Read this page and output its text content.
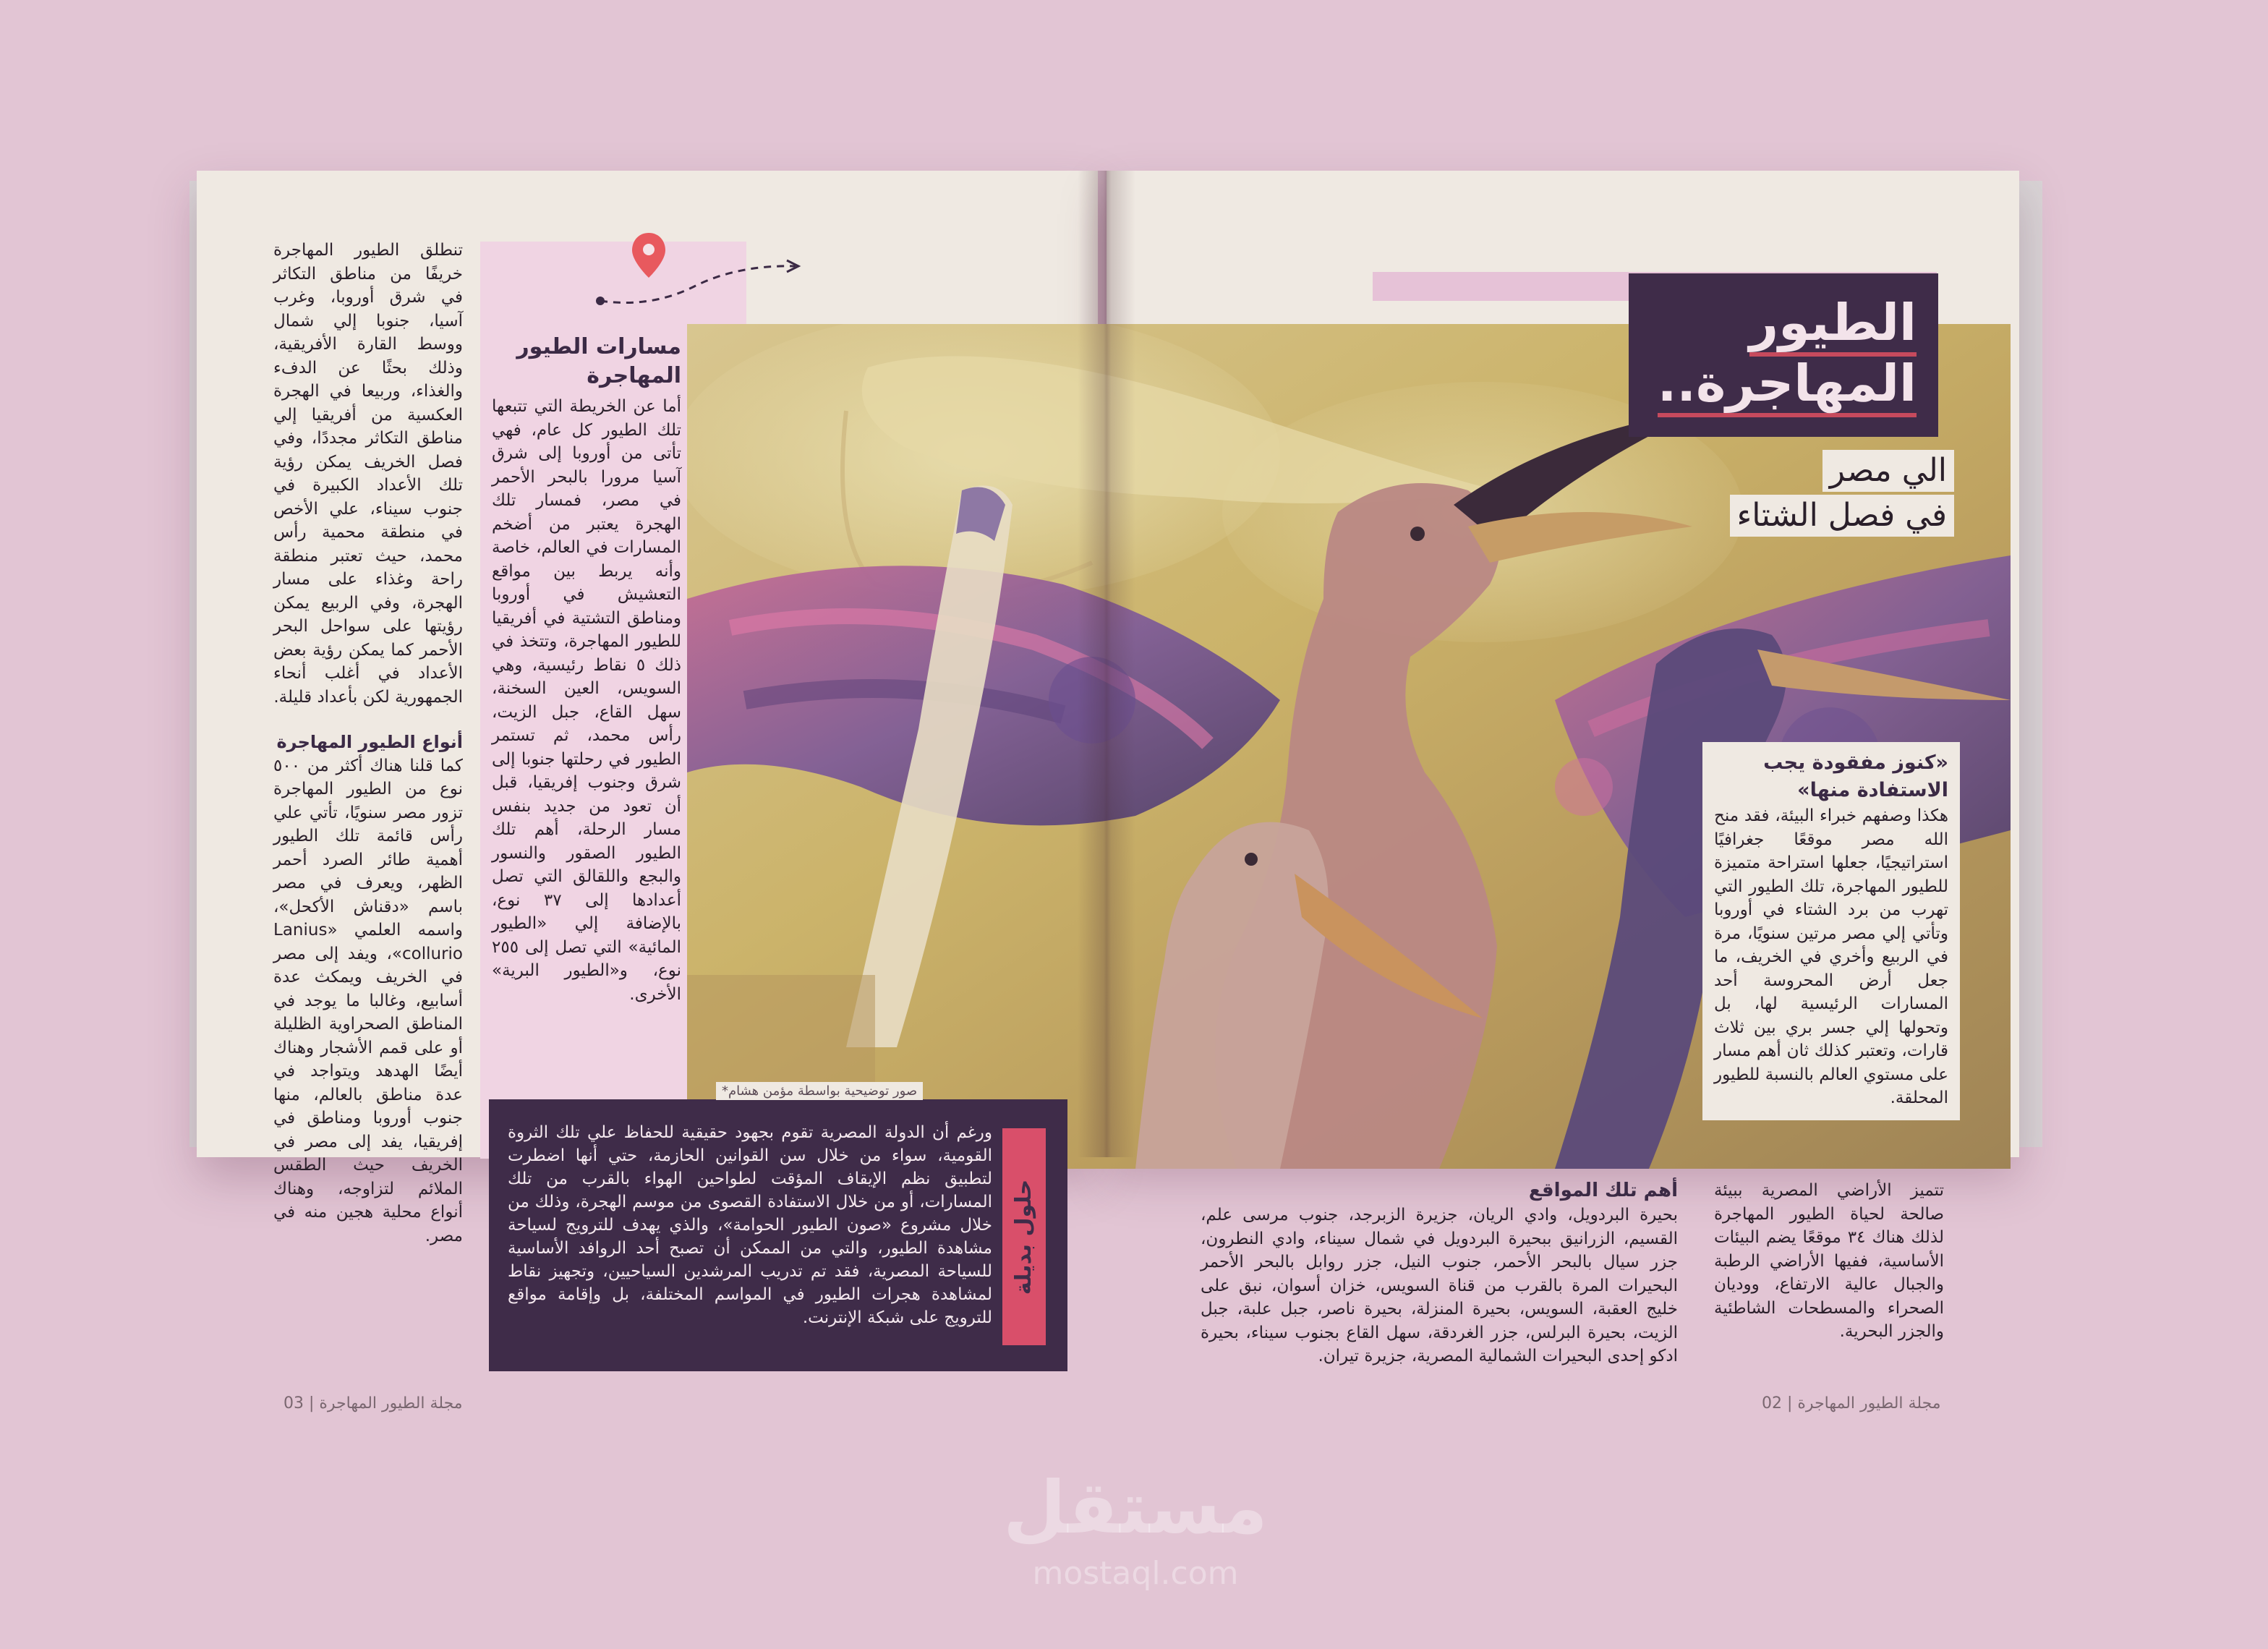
تنطلق الطيور المهاجرة خريفًا من مناطق التكاثر في شرق أوروبا، وغرب آسيا، جنوبا إلي شمال ووسط القارة الأفريقية، وذلك بحثًا عن الدفء والغذاء، وربيعا في الهجرة العكسية من أفريقيا إلي مناطق التكاثر مجددًا، وفي فصل الخريف يمكن رؤية تلك الأعداد الكبيرة في جنوب سيناء، علي الأخص في منطقة محمية رأس محمد، حيث تعتبر منطقة راحة وغذاء على مسار الهجرة، وفي الربيع يمكن رؤيتها على سواحل البحر الأحمر كما يمكن رؤية بعض الأعداد في أغلب أنحاء الجمهورية لكن بأعداد قليلة.
أنواع الطيور المهاجرة
كما قلنا هناك أكثر من ٥٠٠ نوع من الطيور المهاجرة تزور مصر سنويًا، تأتي علي رأس قائمة تلك الطيور أهمية طائر الصرد أحمر الظهر، ويعرف في مصر باسم «دقناش الأكحل»، واسمه العلمي «Lanius collurio»، ويفد إلى مصر في الخريف ويمكث عدة أسابيع، وغالبا ما يوجد في المناطق الصحراوية الظليلة أو على قمم الأشجار وهناك أيضًا الهدهد ويتواجد في عدة مناطق بالعالم، منها جنوب أوروبا ومناطق في إفريقيا، يفد إلى مصر في الخريف حيث الطقس الملائم لتزاوجه، وهناك أنواع محلية هجين منه في مصر.
مسارات الطيور المهاجرة
أما عن الخريطة التي تتبعها تلك الطيور كل عام، فهي تأتى من أوروبا إلى شرق آسيا مرورا بالبحر الأحمر في مصر، فمسار تلك الهجرة يعتبر من أضخم المسارات في العالم، خاصة وأنه يربط بين مواقع التعشيش في أوروبا ومناطق التشتية في أفريقيا للطيور المهاجرة، وتتخذ في ذلك ٥ نقاط رئيسية، وهي السويس، العين السخنة، سهل القاع، جبل الزيت، رأس محمد، ثم تستمر الطيور في رحلتها جنوبا إلى شرق وجنوب إفريقيا، قبل أن تعود من جديد بنفس مسار الرحلة، أهم تلك الطيور الصقور والنسور والبجع واللقالق التي تصل أعدادها إلى ٣٧ نوع، بالإضافة إلي «الطيور المائية» التي تصل إلى ٢٥٥ نوع، و«الطيور البرية» الأخرى.
ورغم أن الدولة المصرية تقوم بجهود حقيقية للحفاظ علي تلك الثروة القومية، سواء من خلال سن القوانين الحازمة، حتي أنها اضطرت لتطبيق نظم الإيقاف المؤقت لطواحين الهواء بالقرب من تلك المسارات، أو من خلال الاستفادة القصوى من موسم الهجرة، وذلك من خلال مشروع «صون الطيور الحوامة»، والذي يهدف للترويج لسياحة مشاهدة الطيور، والتي من الممكن أن تصبح أحد الروافد الأساسية للسياحة المصرية، فقد تم تدريب المرشدين السياحيين، وتجهيز نقاط لمشاهدة هجرات الطيور في المواسم المختلفة، بل وإقامة مواقع للترويج على شبكة الإنترنت.
حلول بديلة
مجلة الطيور المهاجرة | 03
صور توضيحية بواسطة مؤمن هشام*
الطيور
المهاجرة..
الي مصر
في فصل الشتاء
«كنوز مفقودة يجب الاستفادة منها»
هكذا وصفهم خبراء البيئة، فقد منح الله مصر موقعًا جغرافيًا استراتيجيًا، جعلها استراحة متميزة للطيور المهاجرة، تلك الطيور التي تهرب من برد الشتاء في أوروبا وتأتي إلي مصر مرتين سنويًا، مرة في الربيع وأخري في الخريف، ما جعل أرض المحروسة أحد المسارات الرئيسية لها، بل وتحولها إلي جسر بري بين ثلاث قارات، وتعتبر كذلك ثان أهم مسار على مستوي العالم بالنسبة للطيور المحلقة.
تتميز الأراضي المصرية ببيئة صالحة لحياة الطيور المهاجرة لذلك هناك ٣٤ موقعًا يضم البيئات الأساسية، ففيها الأراضي الرطبة والجبال عالية الارتفاع، ووديان الصحراء والمسطحات الشاطئية والجزر البحرية.
أهم تلك المواقع
بحيرة البردويل، وادي الريان، جزيرة الزبرجد، جنوب مرسى علم، القسيم، الزرانيق ببحيرة البردويل في شمال سيناء، وادي النطرون، جزر سيال بالبحر الأحمر، جنوب النيل، جزر روابل بالبحر الأحمر البحيرات المرة بالقرب من قناة السويس، خزان أسوان، نبق على خليج العقبة، السويس، بحيرة المنزلة، بحيرة ناصر، جبل علبة، جبل الزيت، بحيرة البرلس، جزر الغردقة، سهل القاع بجنوب سيناء، بحيرة ادكو إحدى البحيرات الشمالية المصرية، جزيرة تيران.
02 | مجلة الطيور المهاجرة
مستقل
mostaql.com
